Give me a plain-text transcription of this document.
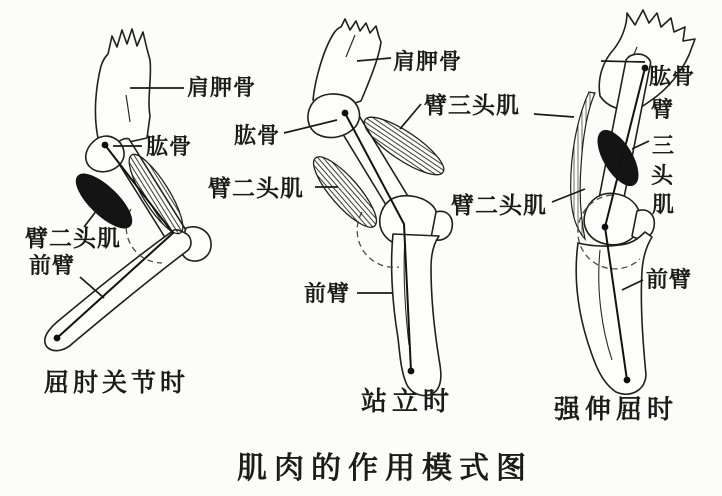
肩胛骨
肱骨
臂二头肌
前臂
屈肘关节时
肩胛骨
肱骨
臂三头肌
臂二头肌
前臂
站立时
肱骨
臂
三
头
肌
臂二头肌
前臂
强伸屈时
肌肉的作用模式图
